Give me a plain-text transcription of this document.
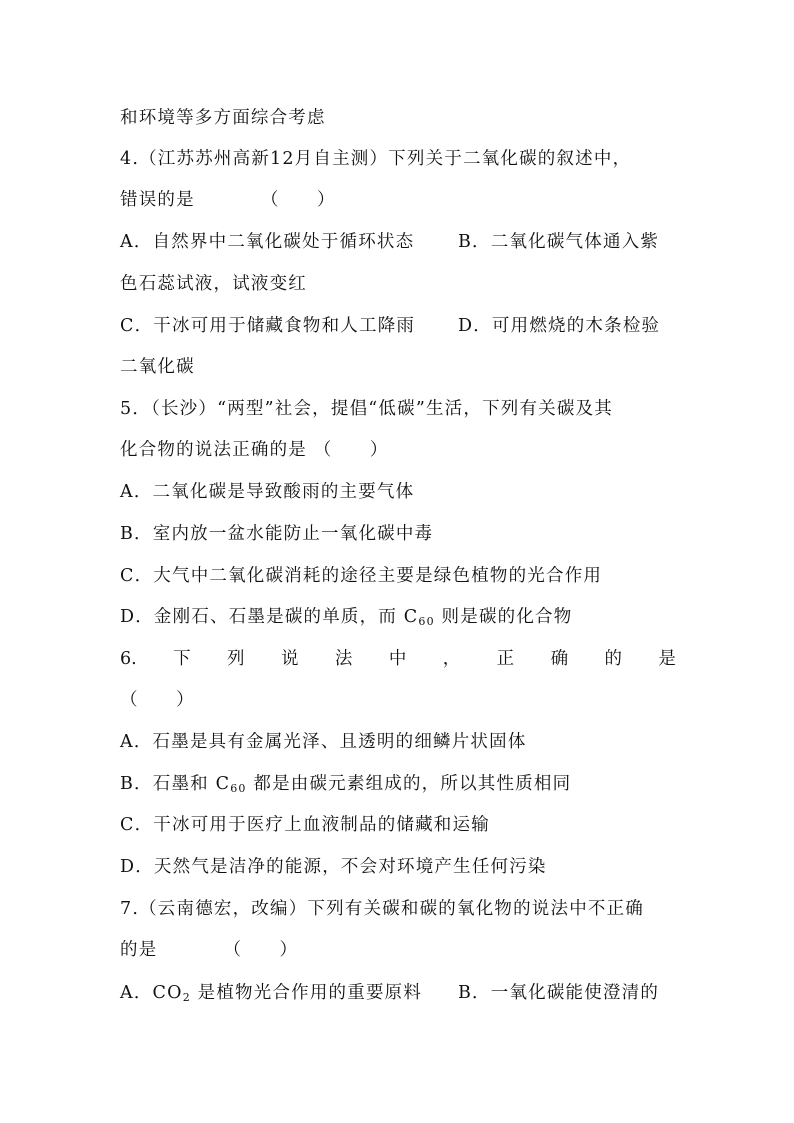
和环境等多方面综合考虑
4.（江苏苏州高新12月自主测）下列关于二氧化碳的叙述中，
错误的是　　　　（　　）
A．自然界中二氧化碳处于循环状态	B．二氧化碳气体通入紫
色石蕊试液，试液变红
C．干冰可用于储藏食物和人工降雨	D．可用燃烧的木条检验
二氧化碳
5．（长沙）“两型”社会，提倡“低碳”生活，下列有关碳及其
化合物的说法正确的是 （　　）
A．二氧化碳是导致酸雨的主要气体
B．室内放一盆水能防止一氧化碳中毒
C．大气中二氧化碳消耗的途径主要是绿色植物的光合作用
D．金刚石、石墨是碳的单质，而 $C_{60}$ 则是碳的化合物
6. 下 列 说 法 中 ， 正 确 的 是
（　　）
A．石墨是具有金属光泽、且透明的细鳞片状固体
B．石墨和 $C_{60}$ 都是由碳元素组成的，所以其性质相同
C．干冰可用于医疗上血液制品的储藏和运输
D．天然气是洁净的能源，不会对环境产生任何污染
7.（云南德宏，改编）下列有关碳和碳的氧化物的说法中不正确
的是　　　　（　　）
A．$CO_2$ 是植物光合作用的重要原料	B．一氧化碳能使澄清的
